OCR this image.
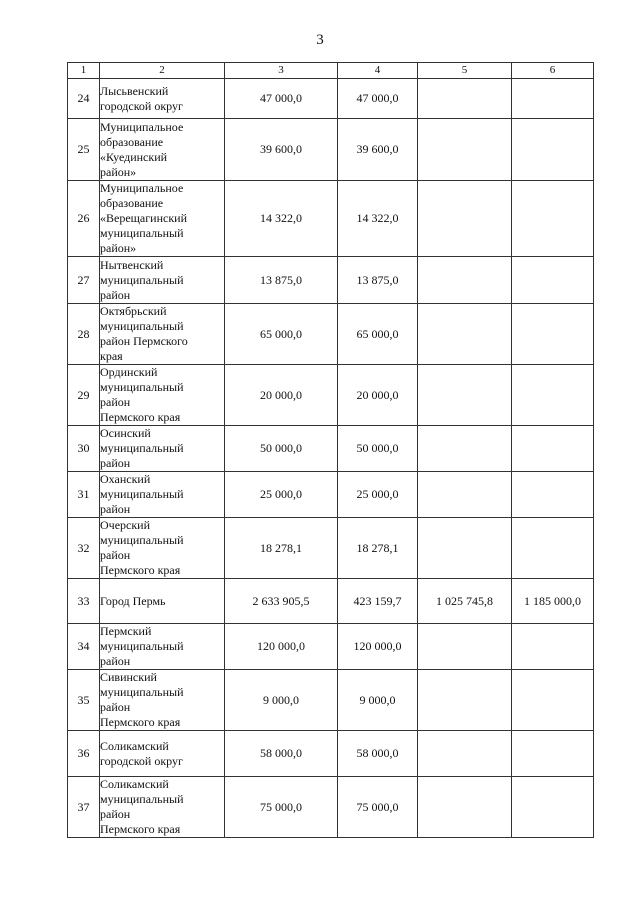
3
1	2	3	4	5	6
24	Лысьвенский
городской округ	47 000,0	47 000,0		
25	Муниципальное
образование
«Куединский
район»	39 600,0	39 600,0		
26	Муниципальное
образование
«Верещагинский
муниципальный
район»	14 322,0	14 322,0		
27	Нытвенский
муниципальный
район	13 875,0	13 875,0		
28	Октябрьский
муниципальный
район Пермского
края	65 000,0	65 000,0		
29	Ординский
муниципальный
район
Пермского края	20 000,0	20 000,0		
30	Осинский
муниципальный
район	50 000,0	50 000,0		
31	Оханский
муниципальный
район	25 000,0	25 000,0		
32	Очерский
муниципальный
район
Пермского края	18 278,1	18 278,1		
33	Город Пермь	2 633 905,5	423 159,7	1 025 745,8	1 185 000,0
34	Пермский
муниципальный
район	120 000,0	120 000,0		
35	Сивинский
муниципальный
район
Пермского края	9 000,0	9 000,0		
36	Соликамский
городской округ	58 000,0	58 000,0		
37	Соликамский
муниципальный
район
Пермского края	75 000,0	75 000,0		
